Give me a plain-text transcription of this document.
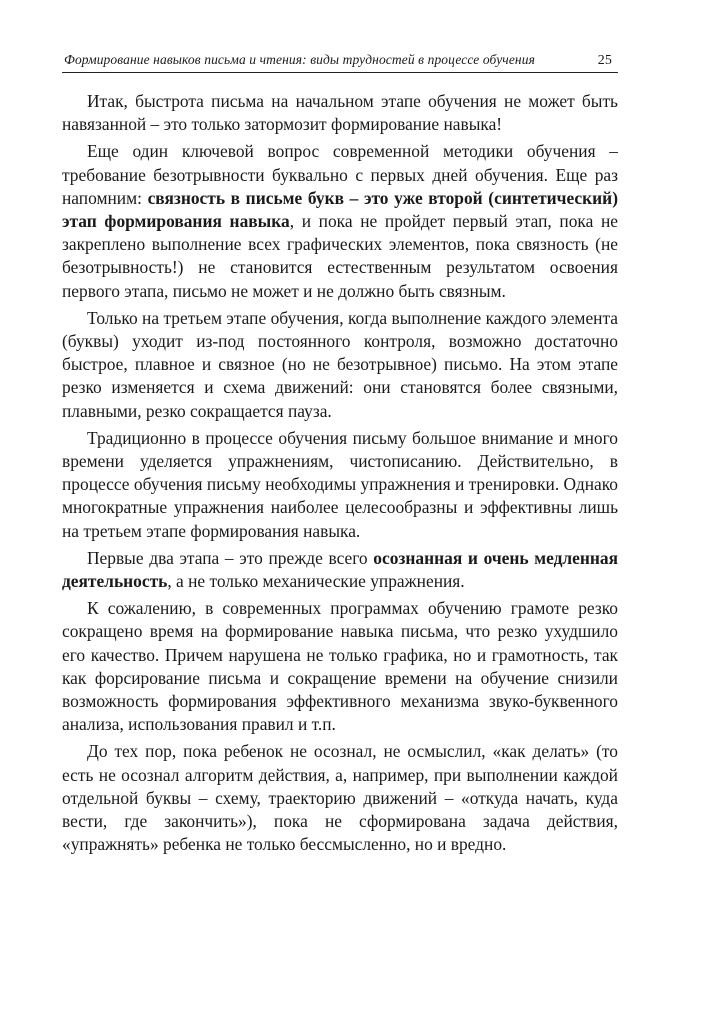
Формирование навыков письма и чтения: виды трудностей в процессе обучения	25

Итак, быстрота письма на начальном этапе обучения не может быть навязанной – это только затормозит формирование навыка!

Еще один ключевой вопрос современной методики обучения – требование безотрывности буквально с первых дней обучения. Еще раз напомним: связность в письме букв – это уже второй (синтетический) этап формирования навыка, и пока не пройдет первый этап, пока не закреплено выполнение всех графических элементов, пока связность (не безотрывность!) не становится естественным результатом освоения первого этапа, письмо не может и не должно быть связным.

Только на третьем этапе обучения, когда выполнение каждого элемента (буквы) уходит из-под постоянного контроля, возможно достаточно быстрое, плавное и связное (но не безотрывное) письмо. На этом этапе резко изменяется и схема движений: они становятся более связными, плавными, резко сокращается пауза.

Традиционно в процессе обучения письму большое внимание и много времени уделяется упражнениям, чистописанию. Действительно, в процессе обучения письму необходимы упражнения и тренировки. Однако многократные упражнения наиболее целесообразны и эффективны лишь на третьем этапе формирования навыка.

Первые два этапа – это прежде всего осознанная и очень медленная деятельность, а не только механические упражнения.

К сожалению, в современных программах обучению грамоте резко сокращено время на формирование навыка письма, что резко ухудшило его качество. Причем нарушена не только графика, но и грамотность, так как форсирование письма и сокращение времени на обучение снизили возможность формирования эффективного механизма звуко-буквенного анализа, использования правил и т.п.

До тех пор, пока ребенок не осознал, не осмыслил, «как делать» (то есть не осознал алгоритм действия, а, например, при выполнении каждой отдельной буквы – схему, траекторию движений – «откуда начать, куда вести, где закончить»), пока не сформирована задача действия, «упражнять» ребенка не только бессмысленно, но и вредно.
